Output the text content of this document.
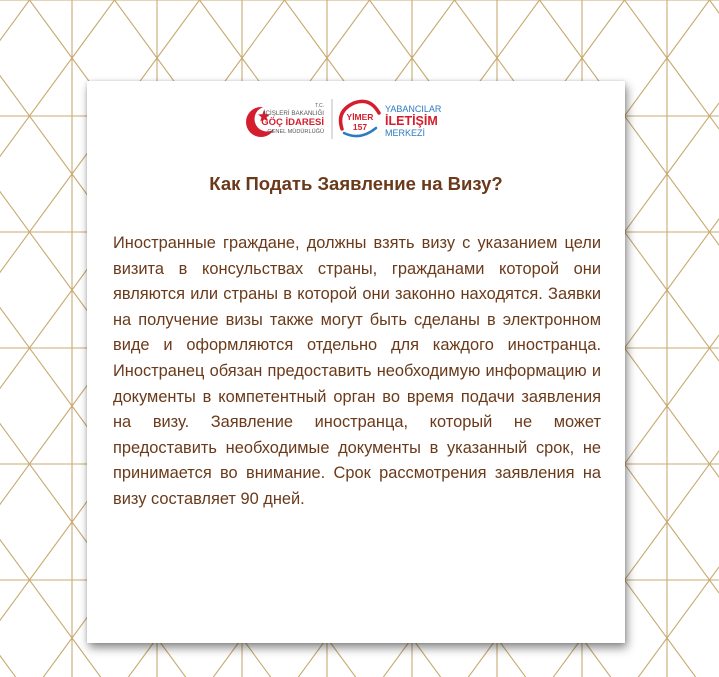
T.C.
İÇİŞLERİ BAKANLIĞI
GÖÇ İDARESİ
GENEL MÜDÜRLÜĞÜ
YİMER
157
YABANCILAR
İLETİŞİM
MERKEZİ
Как Подать Заявление на Визу?

Иностранные граждане, должны взять визу с указанием цели визита в консульствах страны, гражданами которой они являются или страны в которой они законно находятся. Заявки на получение визы также могут быть сделаны в электронном виде и оформляются отдельно для каждого иностранца. Иностранец обязан предоставить необходимую информацию и документы в компетентный орган во время подачи заявления на визу. Заявление иностранца, который не может предоставить необходимые документы в указанный срок, не принимается во внимание. Срок рассмотрения заявления на визу составляет 90 дней.
